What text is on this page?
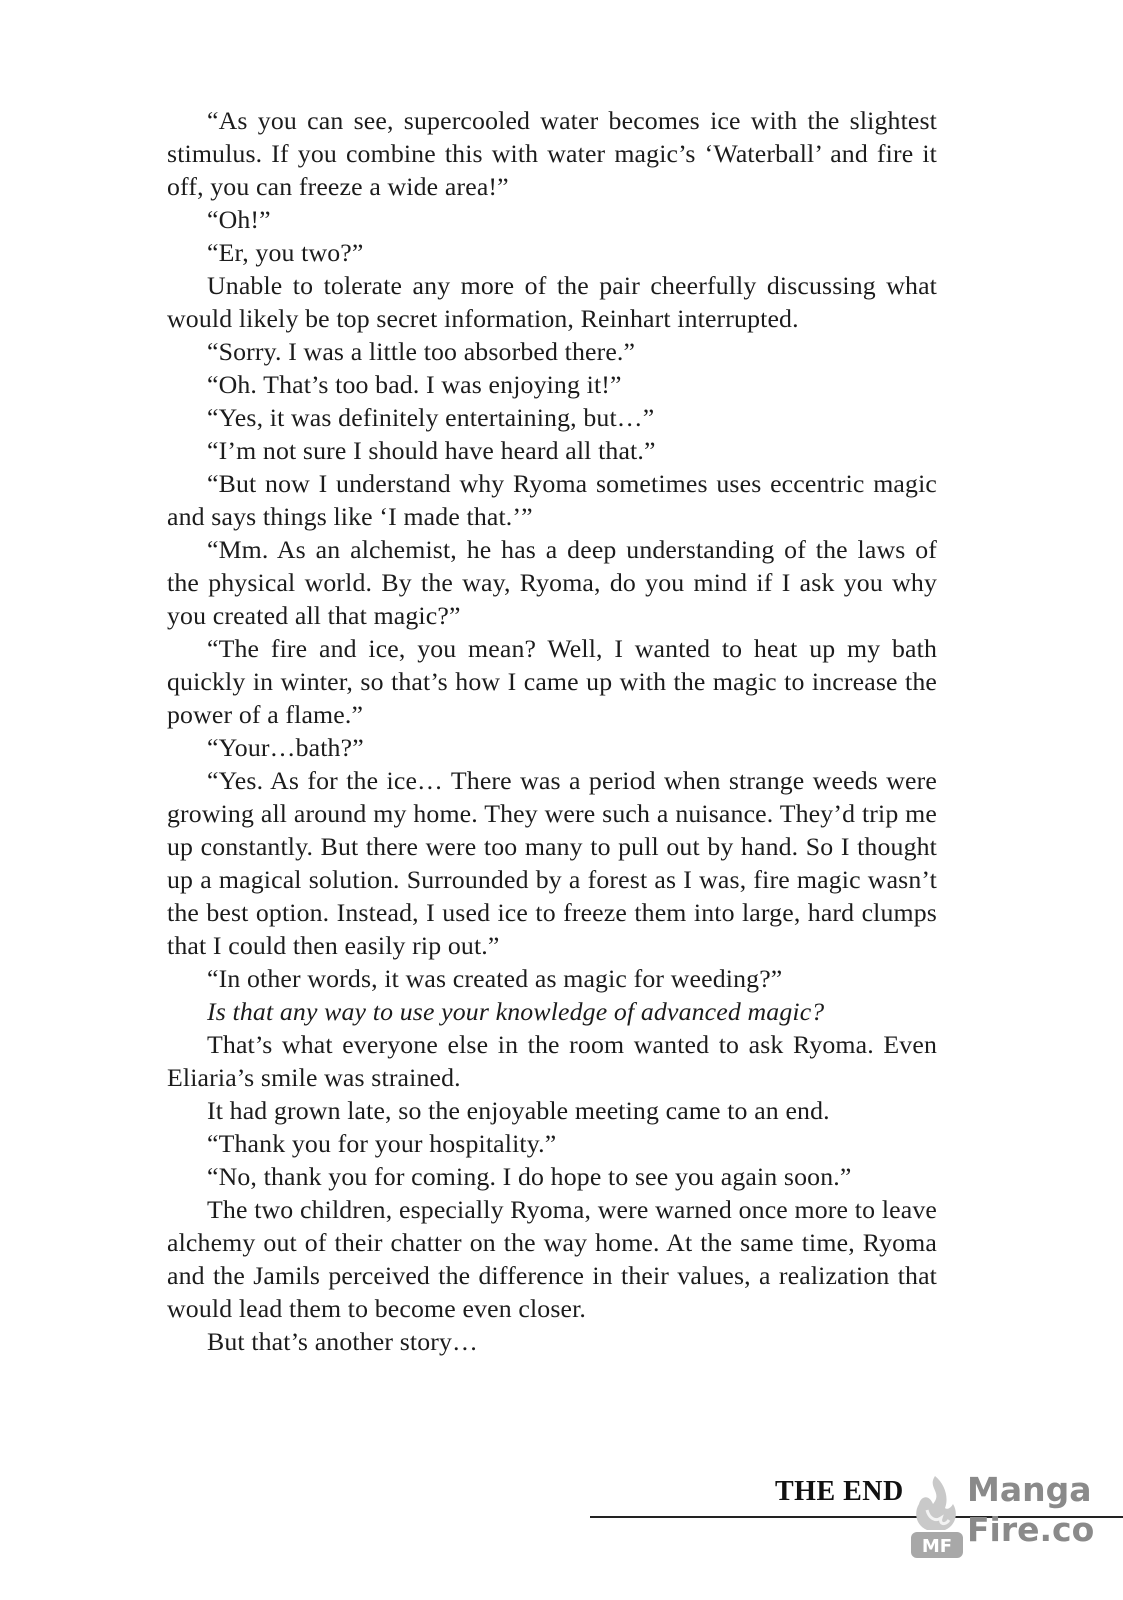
“As you can see, supercooled water becomes ice with the slightest stimulus. If you combine this with water magic’s ‘Waterball’ and fire it off, you can freeze a wide area!”

“Oh!”

“Er, you two?”

Unable to tolerate any more of the pair cheerfully discussing what would likely be top secret information, Reinhart interrupted.

“Sorry. I was a little too absorbed there.”

“Oh. That’s too bad. I was enjoying it!”

“Yes, it was definitely entertaining, but…”

“I’m not sure I should have heard all that.”

“But now I understand why Ryoma sometimes uses eccentric magic and says things like ‘I made that.’”

“Mm. As an alchemist, he has a deep understanding of the laws of the physical world. By the way, Ryoma, do you mind if I ask you why you created all that magic?”

“The fire and ice, you mean? Well, I wanted to heat up my bath quickly in winter, so that’s how I came up with the magic to increase the power of a flame.”

“Your…bath?”

“Yes. As for the ice… There was a period when strange weeds were growing all around my home. They were such a nuisance. They’d trip me up constantly. But there were too many to pull out by hand. So I thought up a magical solution. Surrounded by a forest as I was, fire magic wasn’t the best option. Instead, I used ice to freeze them into large, hard clumps that I could then easily rip out.”

“In other words, it was created as magic for weeding?”

Is that any way to use your knowledge of advanced magic?

That’s what everyone else in the room wanted to ask Ryoma. Even Eliaria’s smile was strained.

It had grown late, so the enjoyable meeting came to an end.

“Thank you for your hospitality.”

“No, thank you for coming. I do hope to see you again soon.”

The two children, especially Ryoma, were warned once more to leave alchemy out of their chatter on the way home. At the same time, Ryoma and the Jamils perceived the difference in their values, a realization that would lead them to become even closer.

But that’s another story…

THE END
MF
Manga
Fire.co
